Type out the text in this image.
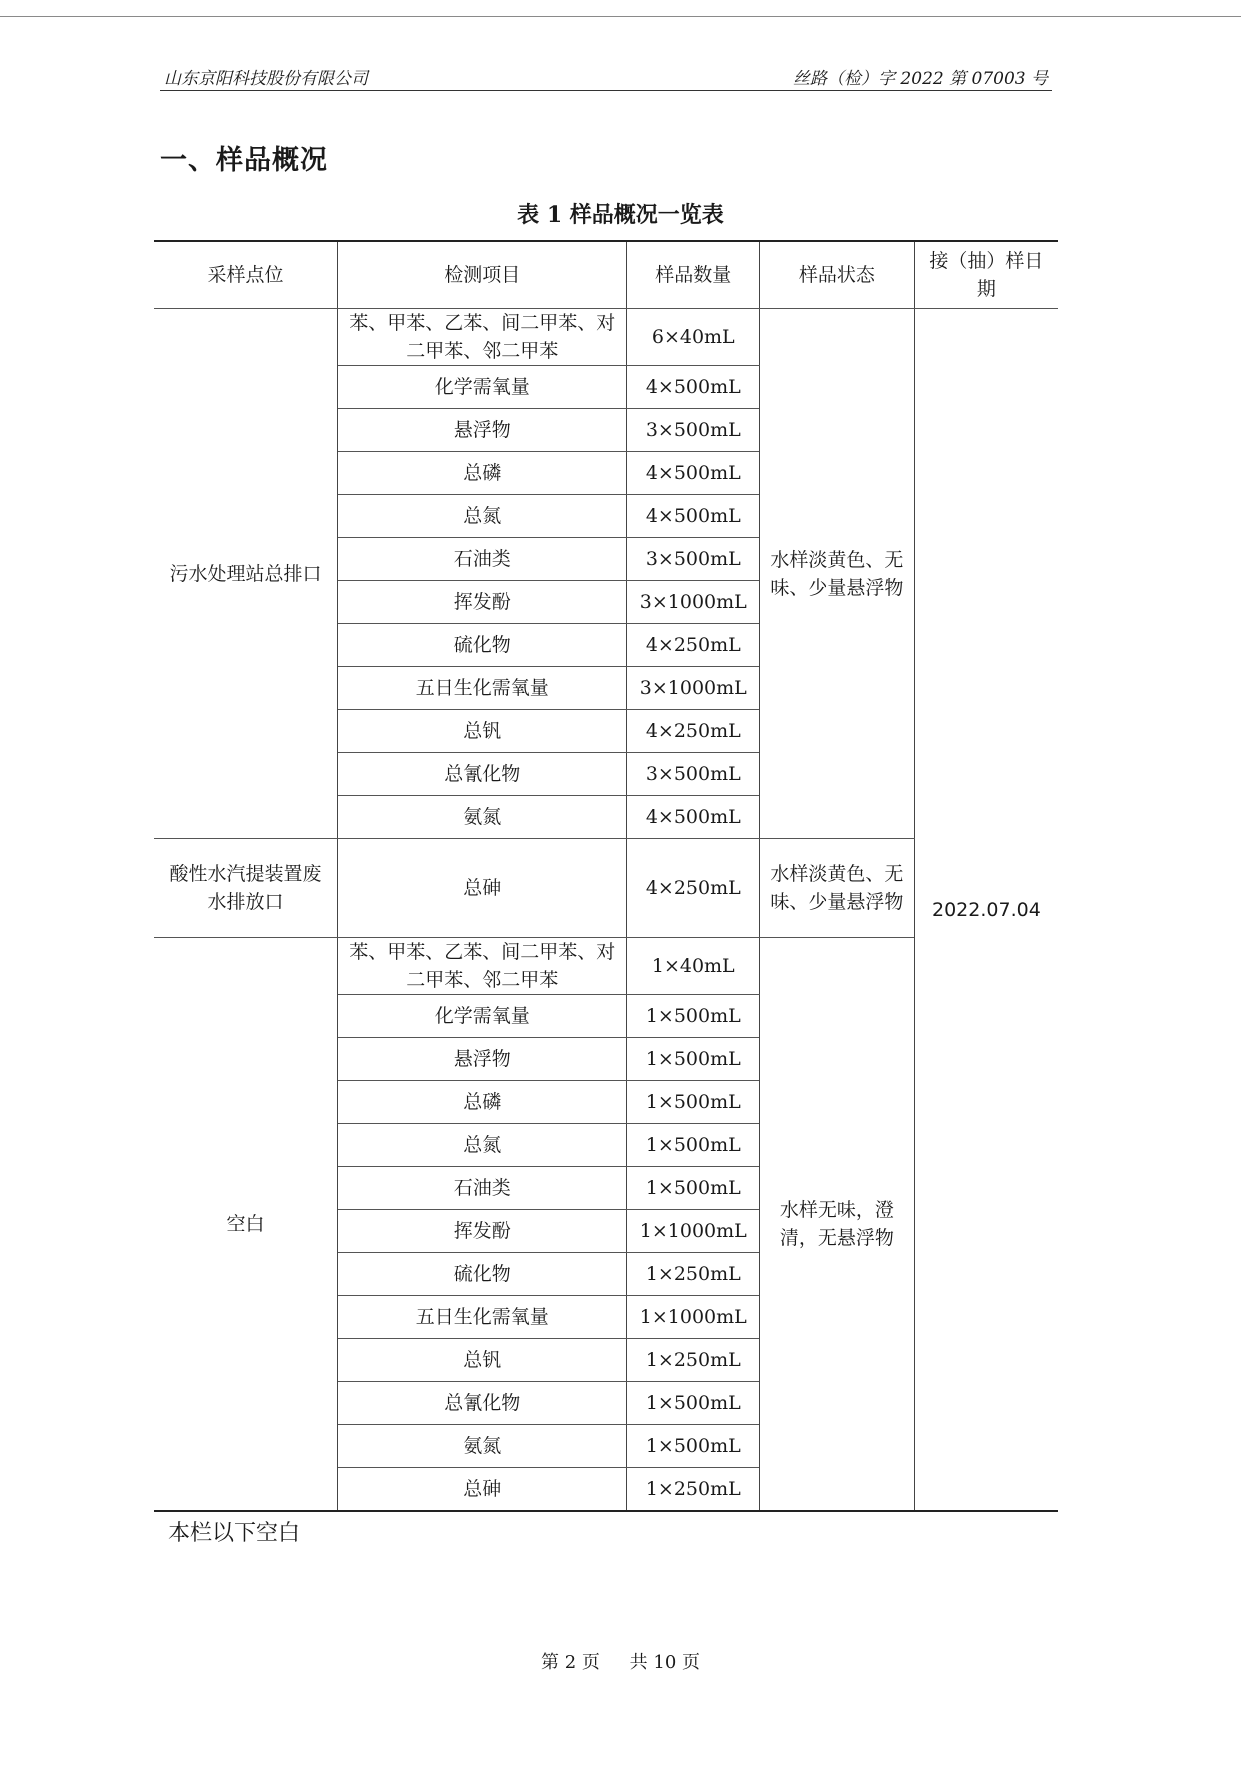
山东京阳科技股份有限公司	丝路（检）字 2022 第 07003 号
一、样品概况
表 1 样品概况一览表
采样点位	检测项目	样品数量	样品状态	接（抽）样日期
污水处理站总排口	苯、甲苯、乙苯、间二甲苯、对二甲苯、邻二甲苯	6×40mL	水样淡黄色、无味、少量悬浮物	2022.07.04
	化学需氧量	4×500mL		
	悬浮物	3×500mL		
	总磷	4×500mL		
	总氮	4×500mL		
	石油类	3×500mL		
	挥发酚	3×1000mL		
	硫化物	4×250mL		
	五日生化需氧量	3×1000mL		
	总钒	4×250mL		
	总氰化物	3×500mL		
	氨氮	4×500mL		
酸性水汽提装置废水排放口	总砷	4×250mL	水样淡黄色、无味、少量悬浮物	
空白	苯、甲苯、乙苯、间二甲苯、对二甲苯、邻二甲苯	1×40mL	水样无味，澄清，无悬浮物	
	化学需氧量	1×500mL		
	悬浮物	1×500mL		
	总磷	1×500mL		
	总氮	1×500mL		
	石油类	1×500mL		
	挥发酚	1×1000mL		
	硫化物	1×250mL		
	五日生化需氧量	1×1000mL		
	总钒	1×250mL		
	总氰化物	1×500mL		
	氨氮	1×500mL		
	总砷	1×250mL		
本栏以下空白
第 2 页 共 10 页
